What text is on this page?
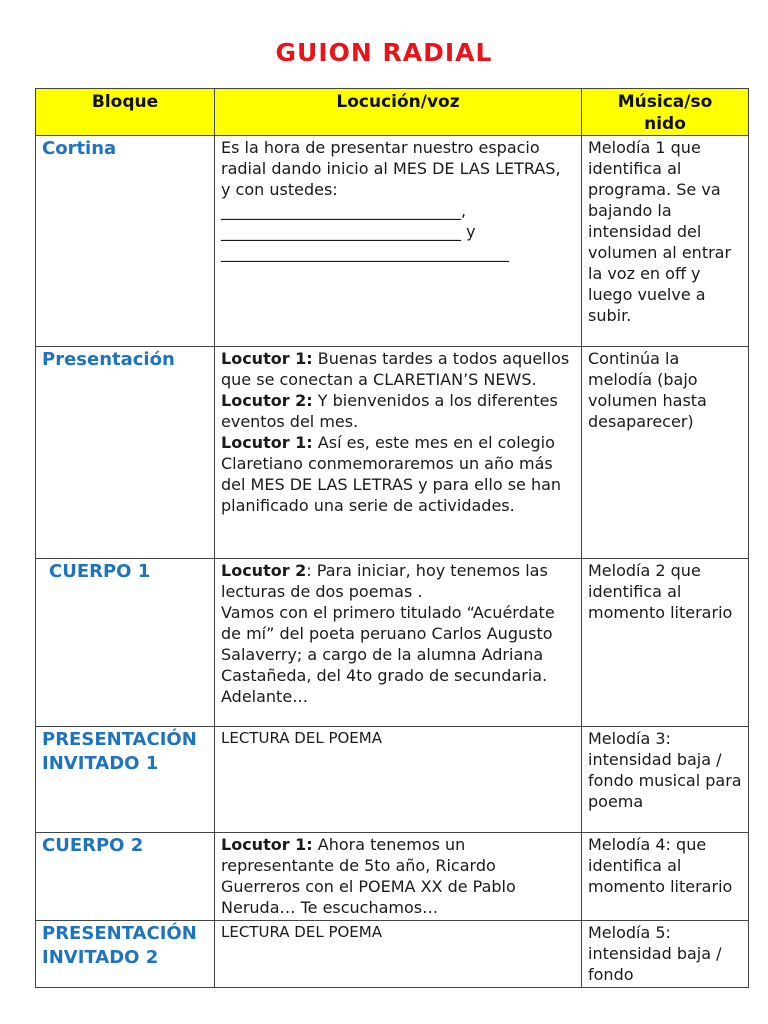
GUION RADIAL
Bloque	Locución/voz	Música/so
nido
Cortina	Es la hora de presentar nuestro espacio radial dando inicio al MES DE LAS LETRAS, y con ustedes:
______________________________,
______________________________ y
____________________________________	Melodía 1 que identifica al programa. Se va bajando la intensidad del volumen al entrar la voz en off y luego vuelve a subir.
Presentación	Locutor 1: Buenas tardes a todos aquellos que se conectan a CLARETIAN’S NEWS.
Locutor 2: Y bienvenidos a los diferentes eventos del mes.
Locutor 1: Así es, este mes en el colegio Claretiano conmemoraremos un año más del MES DE LAS LETRAS y para ello se han planificado una serie de actividades.	Continúa la melodía (bajo volumen hasta desaparecer)
CUERPO 1	Locutor 2: Para iniciar, hoy tenemos las lecturas de dos poemas .
Vamos con el primero titulado “Acuérdate de mí” del poeta peruano Carlos Augusto Salaverry; a cargo de la alumna Adriana Castañeda, del 4to grado de secundaria. Adelante…	Melodía 2 que identifica al momento literario
PRESENTACIÓN INVITADO 1	LECTURA DEL POEMA	Melodía 3: intensidad baja / fondo musical para poema
CUERPO 2	Locutor 1: Ahora tenemos un representante de 5to año, Ricardo Guerreros con el POEMA XX de Pablo Neruda… Te escuchamos…	Melodía 4: que identifica al momento literario
PRESENTACIÓN INVITADO 2	LECTURA DEL POEMA	Melodía 5: intensidad baja / fondo
